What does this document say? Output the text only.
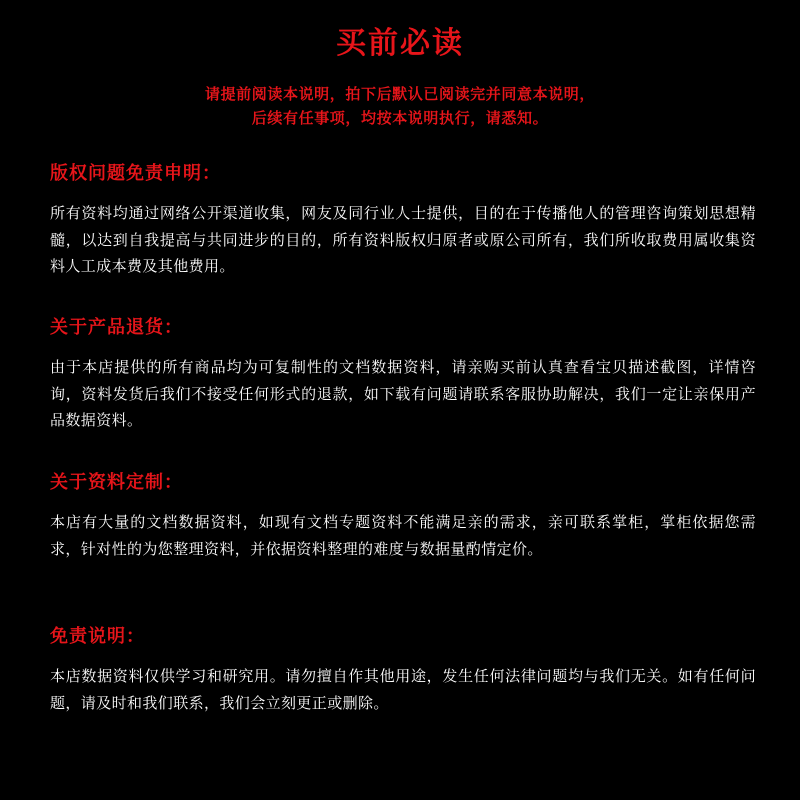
买前必读
请提前阅读本说明，拍下后默认已阅读完并同意本说明，
后续有任事项，均按本说明执行，请悉知。
版权问题免责申明：
所有资料均通过网络公开渠道收集，网友及同行业人士提供，目的在于传播他人的管理咨询策划思想精髓，以达到自我提高与共同进步的目的，所有资料版权归原者或原公司所有，我们所收取费用属收集资料人工成本费及其他费用。
关于产品退货：
由于本店提供的所有商品均为可复制性的文档数据资料，请亲购买前认真查看宝贝描述截图，详情咨询，资料发货后我们不接受任何形式的退款，如下载有问题请联系客服协助解决，我们一定让亲保用产品数据资料。
关于资料定制：
本店有大量的文档数据资料，如现有文档专题资料不能满足亲的需求，亲可联系掌柜，掌柜依据您需求，针对性的为您整理资料，并依据资料整理的难度与数据量酌情定价。
免责说明：
本店数据资料仅供学习和研究用。请勿擅自作其他用途，发生任何法律问题均与我们无关。如有任何问题，请及时和我们联系，我们会立刻更正或删除。
